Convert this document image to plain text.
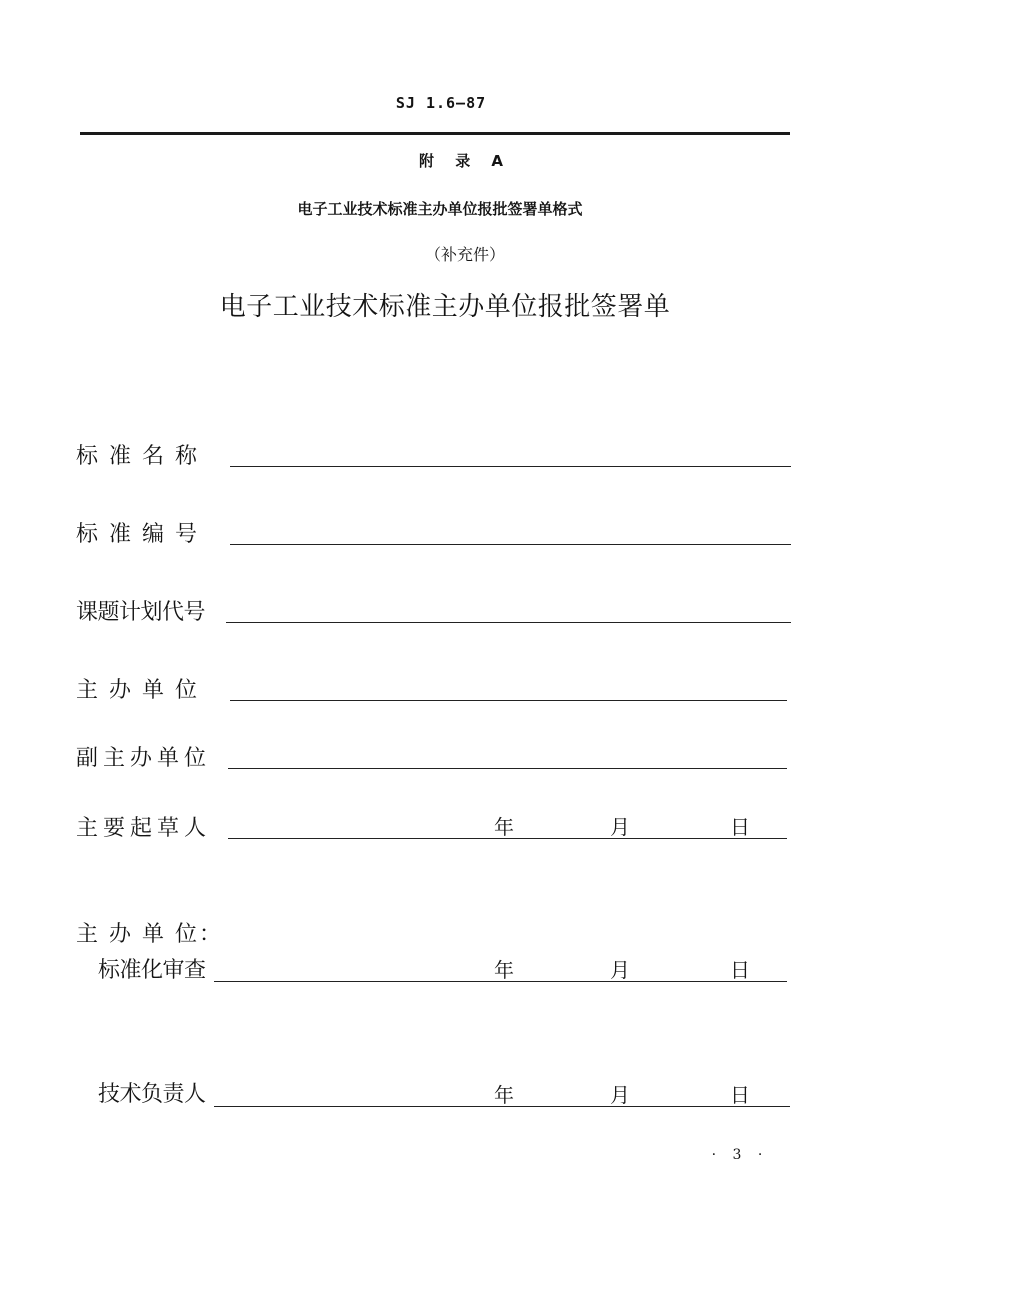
SJ 1.6—87
附 录 A
电子工业技术标准主办单位报批签署单格式
（补充件）
电子工业技术标准主办单位报批签署单
标准名称
标准编号
课题计划代号
主办单位
副主办单位
主要起草人	年	月	日
主 办 单 位：
标准化审查	年	月	日
技术负责人	年	月	日
· 3 ·
